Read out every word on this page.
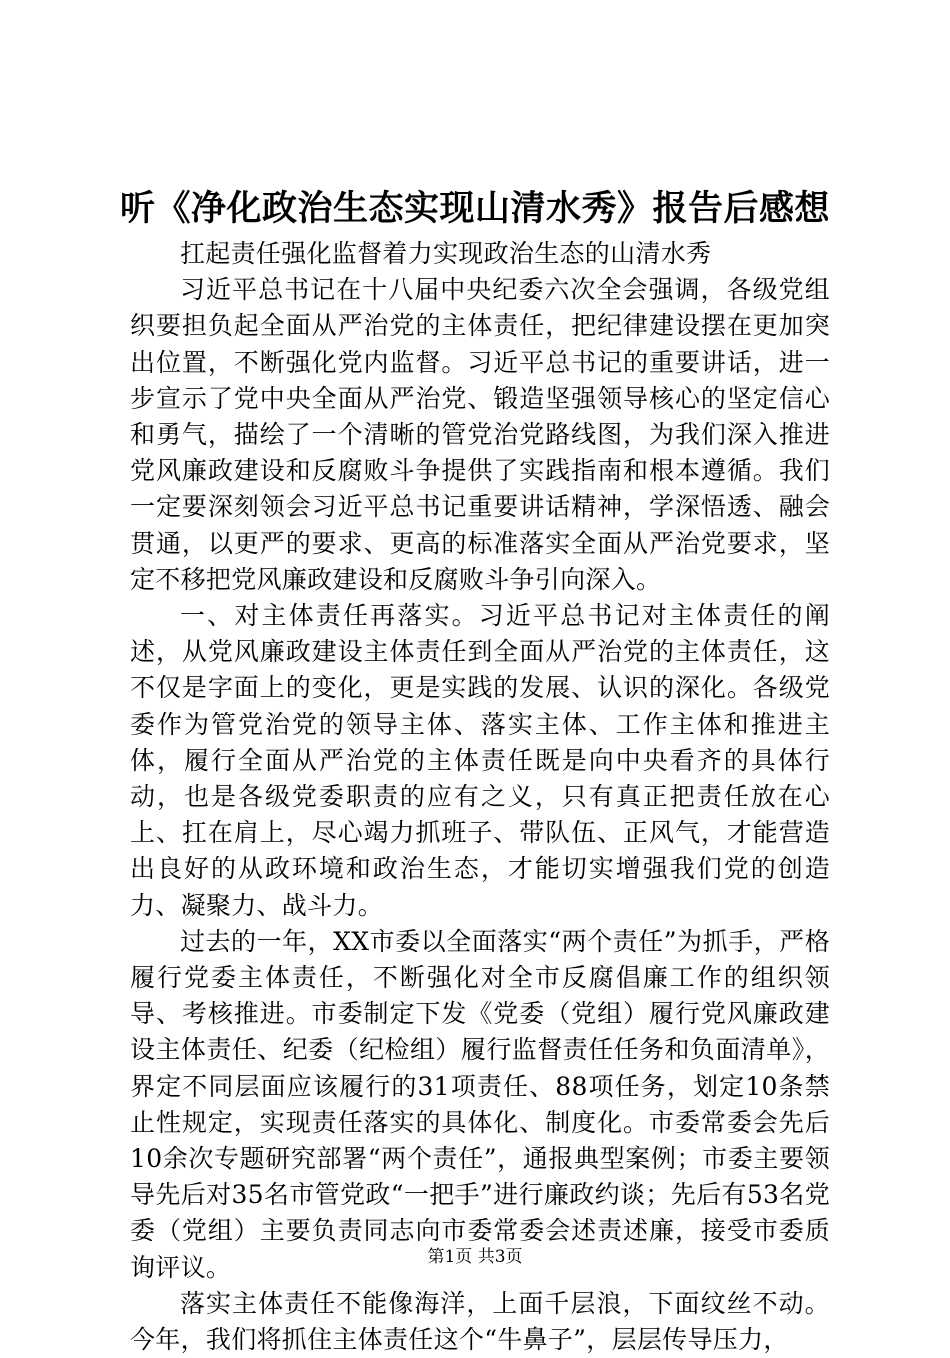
听《净化政治生态实现山清水秀》报告后感想

扛起责任强化监督着力实现政治生态的山清水秀

习近平总书记在十八届中央纪委六次全会强调，各级党组织要担负起全面从严治党的主体责任，把纪律建设摆在更加突出位置，不断强化党内监督。习近平总书记的重要讲话，进一步宣示了党中央全面从严治党、锻造坚强领导核心的坚定信心和勇气，描绘了一个清晰的管党治党路线图，为我们深入推进党风廉政建设和反腐败斗争提供了实践指南和根本遵循。我们一定要深刻领会习近平总书记重要讲话精神，学深悟透、融会贯通，以更严的要求、更高的标准落实全面从严治党要求，坚定不移把党风廉政建设和反腐败斗争引向深入。

一、对主体责任再落实。习近平总书记对主体责任的阐述，从党风廉政建设主体责任到全面从严治党的主体责任，这不仅是字面上的变化，更是实践的发展、认识的深化。各级党委作为管党治党的领导主体、落实主体、工作主体和推进主体，履行全面从严治党的主体责任既是向中央看齐的具体行动，也是各级党委职责的应有之义，只有真正把责任放在心上、扛在肩上，尽心竭力抓班子、带队伍、正风气，才能营造出良好的从政环境和政治生态，才能切实增强我们党的创造力、凝聚力、战斗力。

过去的一年，XX市委以全面落实“两个责任”为抓手，严格履行党委主体责任，不断强化对全市反腐倡廉工作的组织领导、考核推进。市委制定下发《党委（党组）履行党风廉政建设主体责任、纪委（纪检组）履行监督责任任务和负面清单》，界定不同层面应该履行的31项责任、88项任务，划定10条禁止性规定，实现责任落实的具体化、制度化。市委常委会先后10余次专题研究部署“两个责任”，通报典型案例；市委主要领导先后对35名市管党政“一把手”进行廉政约谈；先后有53名党委（党组）主要负责同志向市委常委会述责述廉，接受市委质询评议。

落实主体责任不能像海洋，上面千层浪，下面纹丝不动。今年，我们将抓住主体责任这个“牛鼻子”，层层传导压力，

第1页 共3页
